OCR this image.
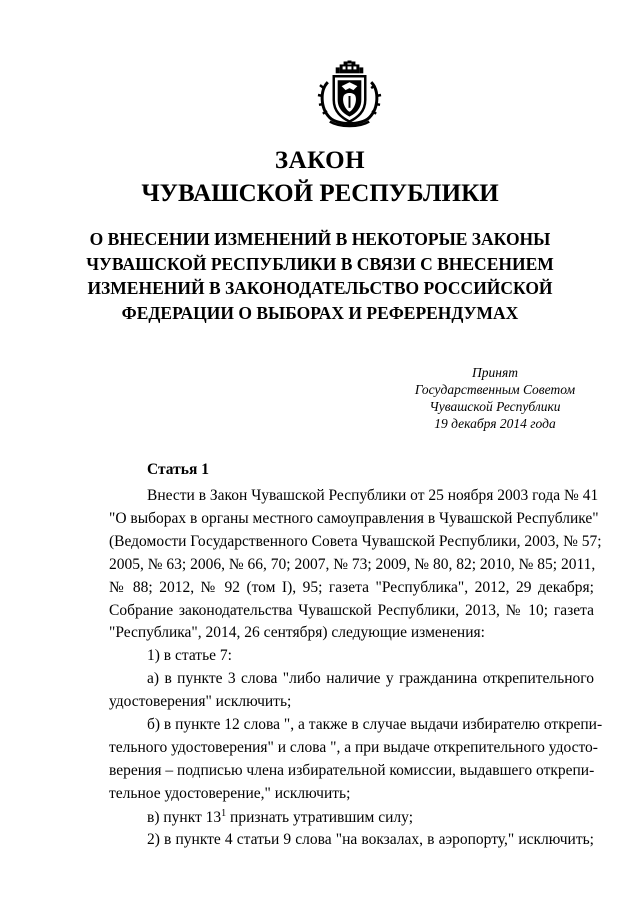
ЗАКОН
ЧУВАШСКОЙ РЕСПУБЛИКИ
О ВНЕСЕНИИ ИЗМЕНЕНИЙ В НЕКОТОРЫЕ ЗАКОНЫ
ЧУВАШСКОЙ РЕСПУБЛИКИ В СВЯЗИ С ВНЕСЕНИЕМ
ИЗМЕНЕНИЙ В ЗАКОНОДАТЕЛЬСТВО РОССИЙСКОЙ
ФЕДЕРАЦИИ О ВЫБОРАХ И РЕФЕРЕНДУМАХ
Принят
Государственным Советом
Чувашской Республики
19 декабря 2014 года
Статья 1
Внести в Закон Чувашской Республики от 25 ноября 2003 года № 41
"О выборах в органы местного самоуправления в Чувашской Республике"
(Ведомости Государственного Совета Чувашской Республики, 2003, № 57;
2005, № 63; 2006, № 66, 70; 2007, № 73; 2009, № 80, 82; 2010, № 85; 2011,
№ 88; 2012, № 92 (том I), 95; газета "Республика", 2012, 29 декабря;
Собрание законодательства Чувашской Республики, 2013, № 10; газета
"Республика", 2014, 26 сентября) следующие изменения:
1) в статье 7:
а) в пункте 3 слова "либо наличие у гражданина открепительного
удостоверения" исключить;
б) в пункте 12 слова ", а также в случае выдачи избирателю открепи-
тельного удостоверения" и слова ", а при выдаче открепительного удосто-
верения – подписью члена избирательной комиссии, выдавшего открепи-
тельное удостоверение," исключить;
в) пункт $13^1$ признать утратившим силу;
2) в пункте 4 статьи 9 слова "на вокзалах, в аэропорту," исключить;
